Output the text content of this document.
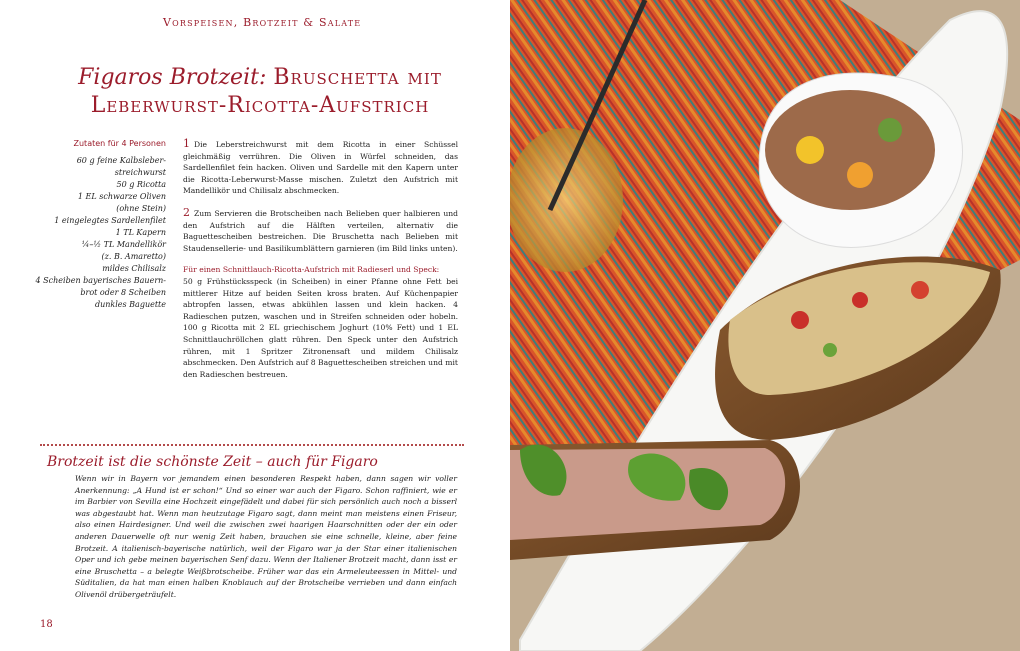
Vorspeisen, Brotzeit & Salate
Figaros Brotzeit: Bruschetta mit Leberwurst-Ricotta-Aufstrich
Zutaten für 4 Personen
60 g feine Kalbsleber-
streichwurst
50 g Ricotta
1 EL schwarze Oliven
(ohne Stein)
1 eingelegtes Sardellenfilet
1 TL Kapern
¼–½ TL Mandellikör
(z. B. Amaretto)
mildes Chilisalz
4 Scheiben bayerisches Bauern-
brot oder 8 Scheiben
dunkles Baguette

1 Die Leberstreichwurst mit dem Ricotta in einer Schüssel gleichmäßig verrühren. Die Oliven in Würfel schneiden, das Sardellenfilet fein hacken. Oliven und Sardelle mit den Kapern unter die Ricotta-Leberwurst-Masse mischen. Zuletzt den Aufstrich mit Mandellikör und Chilisalz abschmecken.

2 Zum Servieren die Brotscheiben nach Belieben quer halbieren und den Aufstrich auf die Hälften verteilen, alternativ die Baguettescheiben bestreichen. Die Bruschetta nach Belieben mit Staudensellerie- und Basilikumblättern garnieren (im Bild links unten).

Für einen Schnittlauch-Ricotta-Aufstrich mit Radieserl und Speck:
50 g Frühstücksspeck (in Scheiben) in einer Pfanne ohne Fett bei mittlerer Hitze auf beiden Seiten kross braten. Auf Küchenpapier abtropfen lassen, etwas abkühlen lassen und klein hacken. 4 Radieschen putzen, waschen und in Streifen schneiden oder hobeln. 100 g Ricotta mit 2 EL griechischem Joghurt (10% Fett) und 1 EL Schnittlauchröllchen glatt rühren. Den Speck unter den Aufstrich rühren, mit 1 Spritzer Zitronensaft und mildem Chilisalz abschmecken. Den Aufstrich auf 8 Baguettescheiben streichen und mit den Radieschen bestreuen.

Brotzeit ist die schönste Zeit – auch für Figaro
Wenn wir in Bayern vor jemandem einen besonderen Respekt haben, dann sagen wir voller Anerkennung: „A Hund ist er schon!“ Und so einer war auch der Figaro. Schon raffiniert, wie er im Barbier von Sevilla eine Hochzeit eingefädelt und dabei für sich persönlich auch noch a bisserl was abgestaubt hat. Wenn man heutzutage Figaro sagt, dann meint man meistens einen Friseur, also einen Hairdesigner. Und weil die zwischen zwei haarigen Haarschnitten oder der ein oder anderen Dauerwelle oft nur wenig Zeit haben, brauchen sie eine schnelle, kleine, aber feine Brotzeit. A italienisch-bayerische natürlich, weil der Figaro war ja der Star einer italienischen Oper und ich gebe meinen bayerischen Senf dazu. Wenn der Italiener Brotzeit macht, dann isst er eine Bruschetta – a belegte Weißbrotscheibe. Früher war das ein Armeleuteessen in Mittel- und Süditalien, da hat man einen halben Knoblauch auf der Brotscheibe verrieben und dann einfach Olivenöl drübergeträufelt.
18
